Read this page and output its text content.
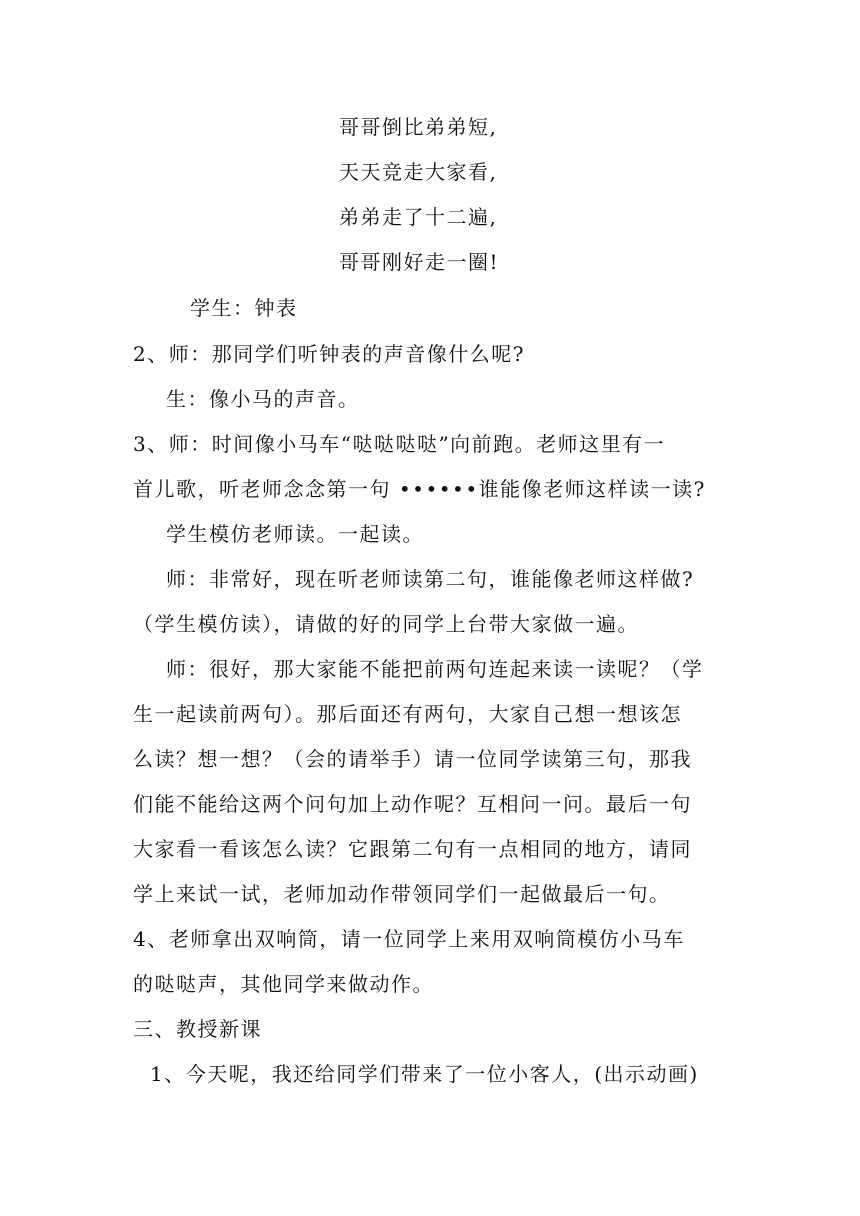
哥哥倒比弟弟短,
天天竞走大家看,
弟弟走了十二遍,
哥哥刚好走一圈!
学生：钟表
2、师：那同学们听钟表的声音像什么呢?
生：像小马的声音。
3、师：时间像小马车“哒哒哒哒”向前跑。老师这里有一
首儿歌，听老师念念第一句 ••••••谁能像老师这样读一读?
学生模仿老师读。一起读。
师：非常好，现在听老师读第二句，谁能像老师这样做?
（学生模仿读），请做的好的同学上台带大家做一遍。
师：很好，那大家能不能把前两句连起来读一读呢？（学
生一起读前两句）。那后面还有两句，大家自己想一想该怎
么读？想一想？（会的请举手）请一位同学读第三句，那我
们能不能给这两个问句加上动作呢？互相问一问。最后一句
大家看一看该怎么读？它跟第二句有一点相同的地方，请同
学上来试一试，老师加动作带领同学们一起做最后一句。
4、老师拿出双响筒，请一位同学上来用双响筒模仿小马车
的哒哒声，其他同学来做动作。
三、教授新课
1、今天呢，我还给同学们带来了一位小客人，(出示动画)
